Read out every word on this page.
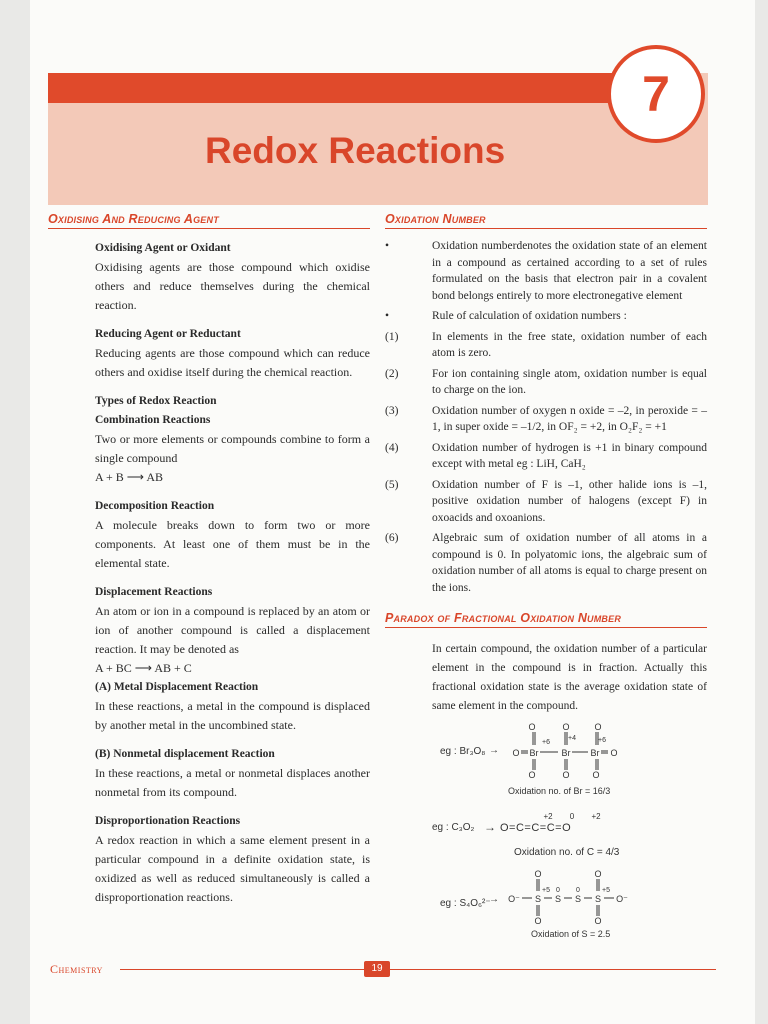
7
Redox Reactions
Oxidising And Reducing Agent

Oxidising Agent or Oxidant

Oxidising agents are those compound which oxidise others and reduce themselves during the chemical reaction.

Reducing Agent or Reductant

Reducing agents are those compound which can reduce others and oxidise itself during the chemical reaction.

Types of Redox Reaction

Combination Reactions

Two or more elements or compounds combine to form a single compound

A + B ⟶ AB

Decomposition Reaction

A molecule breaks down to form two or more components. At least one of them must be in the elemental state.

Displacement Reactions

An atom or ion in a compound is replaced by an atom or ion of another compound is called a displacement reaction. It may be denoted as

A + BC ⟶ AB + C

(A) Metal Displacement Reaction

In these reactions, a metal in the compound is displaced by another metal in the uncombined state.

(B) Nonmetal displacement Reaction

In these reactions, a metal or nonmetal displaces another nonmetal from its compound.

Disproportionation Reactions

A redox reaction in which a same element present in a particular compound in a definite oxidation state, is oxidized as well as reduced simultaneously is called a disproportionation reactions.

Oxidation Number
•	Oxidation numberdenotes the oxidation state of an element in a compound as certained according to a set of rules formulated on the basis that electron pair in a covalent bond belongs entirely to more electronegative element
•	Rule of calculation of oxidation numbers :
(1)	In elements in the free state, oxidation number of each atom is zero.
(2)	For ion containing single atom, oxidation number is equal to charge on the ion.
(3)	Oxidation number of oxygen n oxide = –2, in peroxide = –1, in super oxide = –1/2, in OF₂ = +2, in O₂F₂ = +1
(4)	Oxidation number of hydrogen is +1 in binary compound except with metal eg : LiH, CaH₂
(5)	Oxidation number of F is –1, other halide ions is –1, positive oxidation number of halogens (except F) in oxoacids and oxoanions.
(6)	Algebraic sum of oxidation number of all atoms in a compound is 0. In polyatomic ions, the algebraic sum of oxidation number of all atoms is equal to charge present on the ions.
Paradox of Fractional Oxidation Number

In certain compound, the oxidation number of a particular element in the compound is in fraction. Actually this fractional oxidation state is the average oxidation state of same element in the compound.

eg : Br₃O₈ → O Br	Br Br O
O
O
O
O
O
O
+6
+4	+6
Oxidation no. of Br = 16/3
eg : C₃O₂ →
+2 0 +2
O=C=C=C=O
Oxidation no. of C = 4/3
eg : S₄O₆²⁻
→ O⁻ S S S S O⁻
O
O
O
O
+5 0 0	+5
Oxidation of S = 2.5
Chemistry	19
